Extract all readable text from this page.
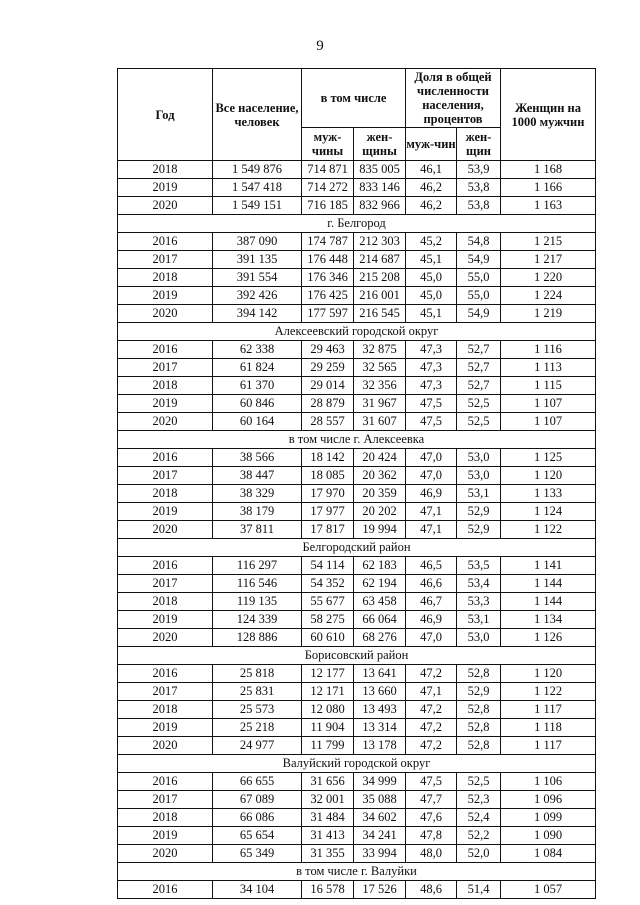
9
Год	Все население, человек	в том числе		Доля в общей численности населения, процентов		Женщин на 1000 мужчин
		муж-чины	жен-щины	муж-чин	жен-щин	
2018	1 549 876	714 871	835 005	46,1	53,9	1 168
2019	1 547 418	714 272	833 146	46,2	53,8	1 166
2020	1 549 151	716 185	832 966	46,2	53,8	1 163
г. Белгород						
2016	387 090	174 787	212 303	45,2	54,8	1 215
2017	391 135	176 448	214 687	45,1	54,9	1 217
2018	391 554	176 346	215 208	45,0	55,0	1 220
2019	392 426	176 425	216 001	45,0	55,0	1 224
2020	394 142	177 597	216 545	45,1	54,9	1 219
Алексеевский городской округ						
2016	62 338	29 463	32 875	47,3	52,7	1 116
2017	61 824	29 259	32 565	47,3	52,7	1 113
2018	61 370	29 014	32 356	47,3	52,7	1 115
2019	60 846	28 879	31 967	47,5	52,5	1 107
2020	60 164	28 557	31 607	47,5	52,5	1 107
в том числе г. Алексеевка						
2016	38 566	18 142	20 424	47,0	53,0	1 125
2017	38 447	18 085	20 362	47,0	53,0	1 120
2018	38 329	17 970	20 359	46,9	53,1	1 133
2019	38 179	17 977	20 202	47,1	52,9	1 124
2020	37 811	17 817	19 994	47,1	52,9	1 122
Белгородский район						
2016	116 297	54 114	62 183	46,5	53,5	1 141
2017	116 546	54 352	62 194	46,6	53,4	1 144
2018	119 135	55 677	63 458	46,7	53,3	1 144
2019	124 339	58 275	66 064	46,9	53,1	1 134
2020	128 886	60 610	68 276	47,0	53,0	1 126
Борисовский район						
2016	25 818	12 177	13 641	47,2	52,8	1 120
2017	25 831	12 171	13 660	47,1	52,9	1 122
2018	25 573	12 080	13 493	47,2	52,8	1 117
2019	25 218	11 904	13 314	47,2	52,8	1 118
2020	24 977	11 799	13 178	47,2	52,8	1 117
Валуйский городской округ						
2016	66 655	31 656	34 999	47,5	52,5	1 106
2017	67 089	32 001	35 088	47,7	52,3	1 096
2018	66 086	31 484	34 602	47,6	52,4	1 099
2019	65 654	31 413	34 241	47,8	52,2	1 090
2020	65 349	31 355	33 994	48,0	52,0	1 084
в том числе г. Валуйки						
2016	34 104	16 578	17 526	48,6	51,4	1 057
